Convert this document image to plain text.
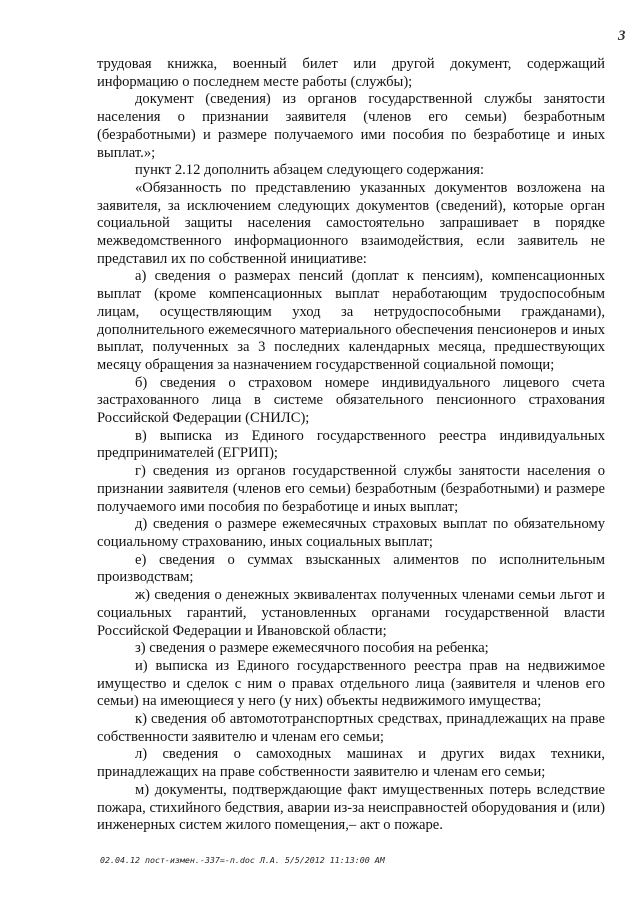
3

трудовая книжка, военный билет или другой документ, содержащий информацию о последнем месте работы (службы);

документ (сведения) из органов государственной службы занятости населения о признании заявителя (членов его семьи) безработным (безработными) и размере получаемого ими пособия по безработице и иных выплат.»;

пункт 2.12 дополнить абзацем следующего содержания:

«Обязанность по представлению указанных документов возложена на заявителя, за исключением следующих документов (сведений), которые орган социальной защиты населения самостоятельно запрашивает в порядке межведомственного информационного взаимодействия, если заявитель не представил их по собственной инициативе:

а) сведения о размерах пенсий (доплат к пенсиям), компенсационных выплат (кроме компенсационных выплат неработающим трудоспособным лицам, осуществляющим уход за нетрудоспособными гражданами), дополнительного ежемесячного материального обеспечения пенсионеров и иных выплат, полученных за 3 последних календарных месяца, предшествующих месяцу обращения за назначением государственной социальной помощи;

б) сведения о страховом номере индивидуального лицевого счета застрахованного лица в системе обязательного пенсионного страхования Российской Федерации (СНИЛС);

в) выписка из Единого государственного реестра индивидуальных предпринимателей (ЕГРИП);

г) сведения из органов государственной службы занятости населения о признании заявителя (членов его семьи) безработным (безработными) и размере получаемого ими пособия по безработице и иных выплат;

д) сведения о размере ежемесячных страховых выплат по обязательному социальному страхованию, иных социальных выплат;

е) сведения о суммах взысканных алиментов по исполнительным производствам;

ж) сведения о денежных эквивалентах полученных членами семьи льгот и социальных гарантий, установленных органами государственной власти Российской Федерации и Ивановской области;

з) сведения о размере ежемесячного пособия на ребенка;

и) выписка из Единого государственного реестра прав на недвижимое имущество и сделок с ним о правах отдельного лица (заявителя и членов его семьи) на имеющиеся у него (у них) объекты недвижимого имущества;

к) сведения об автомототранспортных средствах, принадлежащих на праве собственности заявителю и членам его семьи;

л) сведения о самоходных машинах и других видах техники, принадлежащих на праве собственности заявителю и членам его семьи;

м) документы, подтверждающие факт имущественных потерь вследствие пожара, стихийного бедствия, аварии из-за неисправностей оборудования и (или) инженерных систем жилого помещения,– акт о пожаре.

02.04.12 пост-измен.-337=-п.doc Л.А. 5/5/2012 11:13:00 AM
